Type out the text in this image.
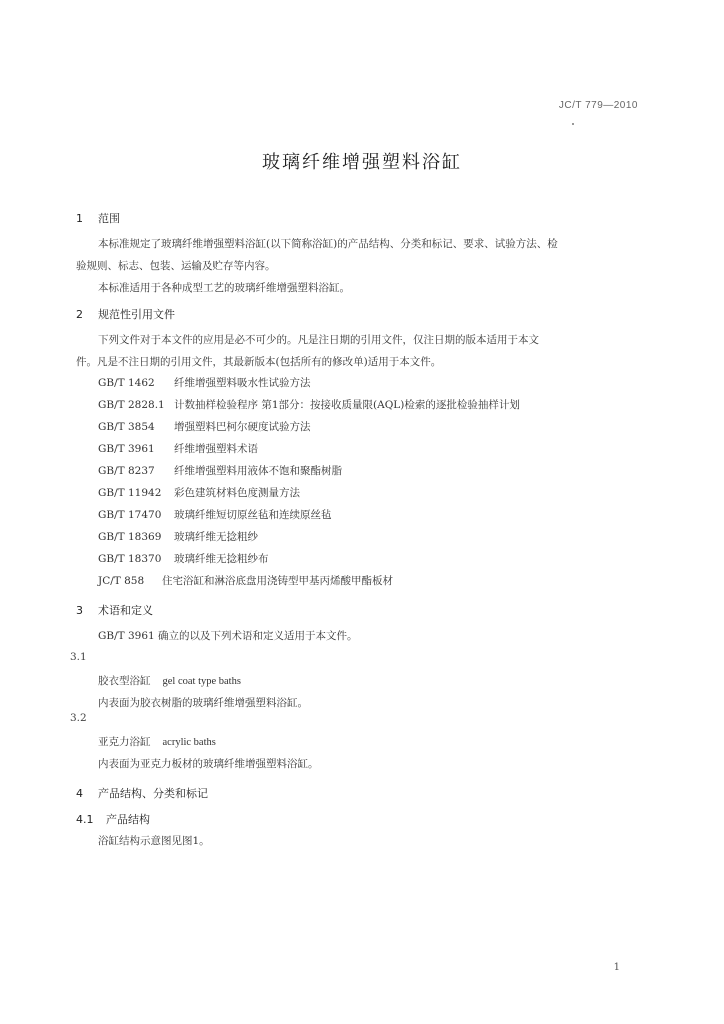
JC/T 779—2010
玻璃纤维增强塑料浴缸
1 范围
本标准规定了玻璃纤维增强塑料浴缸(以下简称浴缸)的产品结构、分类和标记、要求、试验方法、检
验规则、标志、包装、运输及贮存等内容。
本标准适用于各种成型工艺的玻璃纤维增强塑料浴缸。
2 规范性引用文件
下列文件对于本文件的应用是必不可少的。凡是注日期的引用文件，仅注日期的版本适用于本文
件。凡是不注日期的引用文件，其最新版本(包括所有的修改单)适用于本文件。
GB/T 1462 纤维增强塑料吸水性试验方法
GB/T 2828.1 计数抽样检验程序 第1部分：按接收质量限(AQL)检索的逐批检验抽样计划
GB/T 3854 增强塑料巴柯尔硬度试验方法
GB/T 3961 纤维增强塑料术语
GB/T 8237 纤维增强塑料用液体不饱和聚酯树脂
GB/T 11942 彩色建筑材料色度测量方法
GB/T 17470 玻璃纤维短切原丝毡和连续原丝毡
GB/T 18369 玻璃纤维无捻粗纱
GB/T 18370 玻璃纤维无捻粗纱布
JC/T 858 住宅浴缸和淋浴底盘用浇铸型甲基丙烯酸甲酯板材
3 术语和定义
GB/T 3961 确立的以及下列术语和定义适用于本文件。
3.1
胶衣型浴缸 gel coat type baths
内表面为胶衣树脂的玻璃纤维增强塑料浴缸。
3.2
亚克力浴缸 acrylic baths
内表面为亚克力板材的玻璃纤维增强塑料浴缸。
4 产品结构、分类和标记
4.1 产品结构
浴缸结构示意图见图1。
1
